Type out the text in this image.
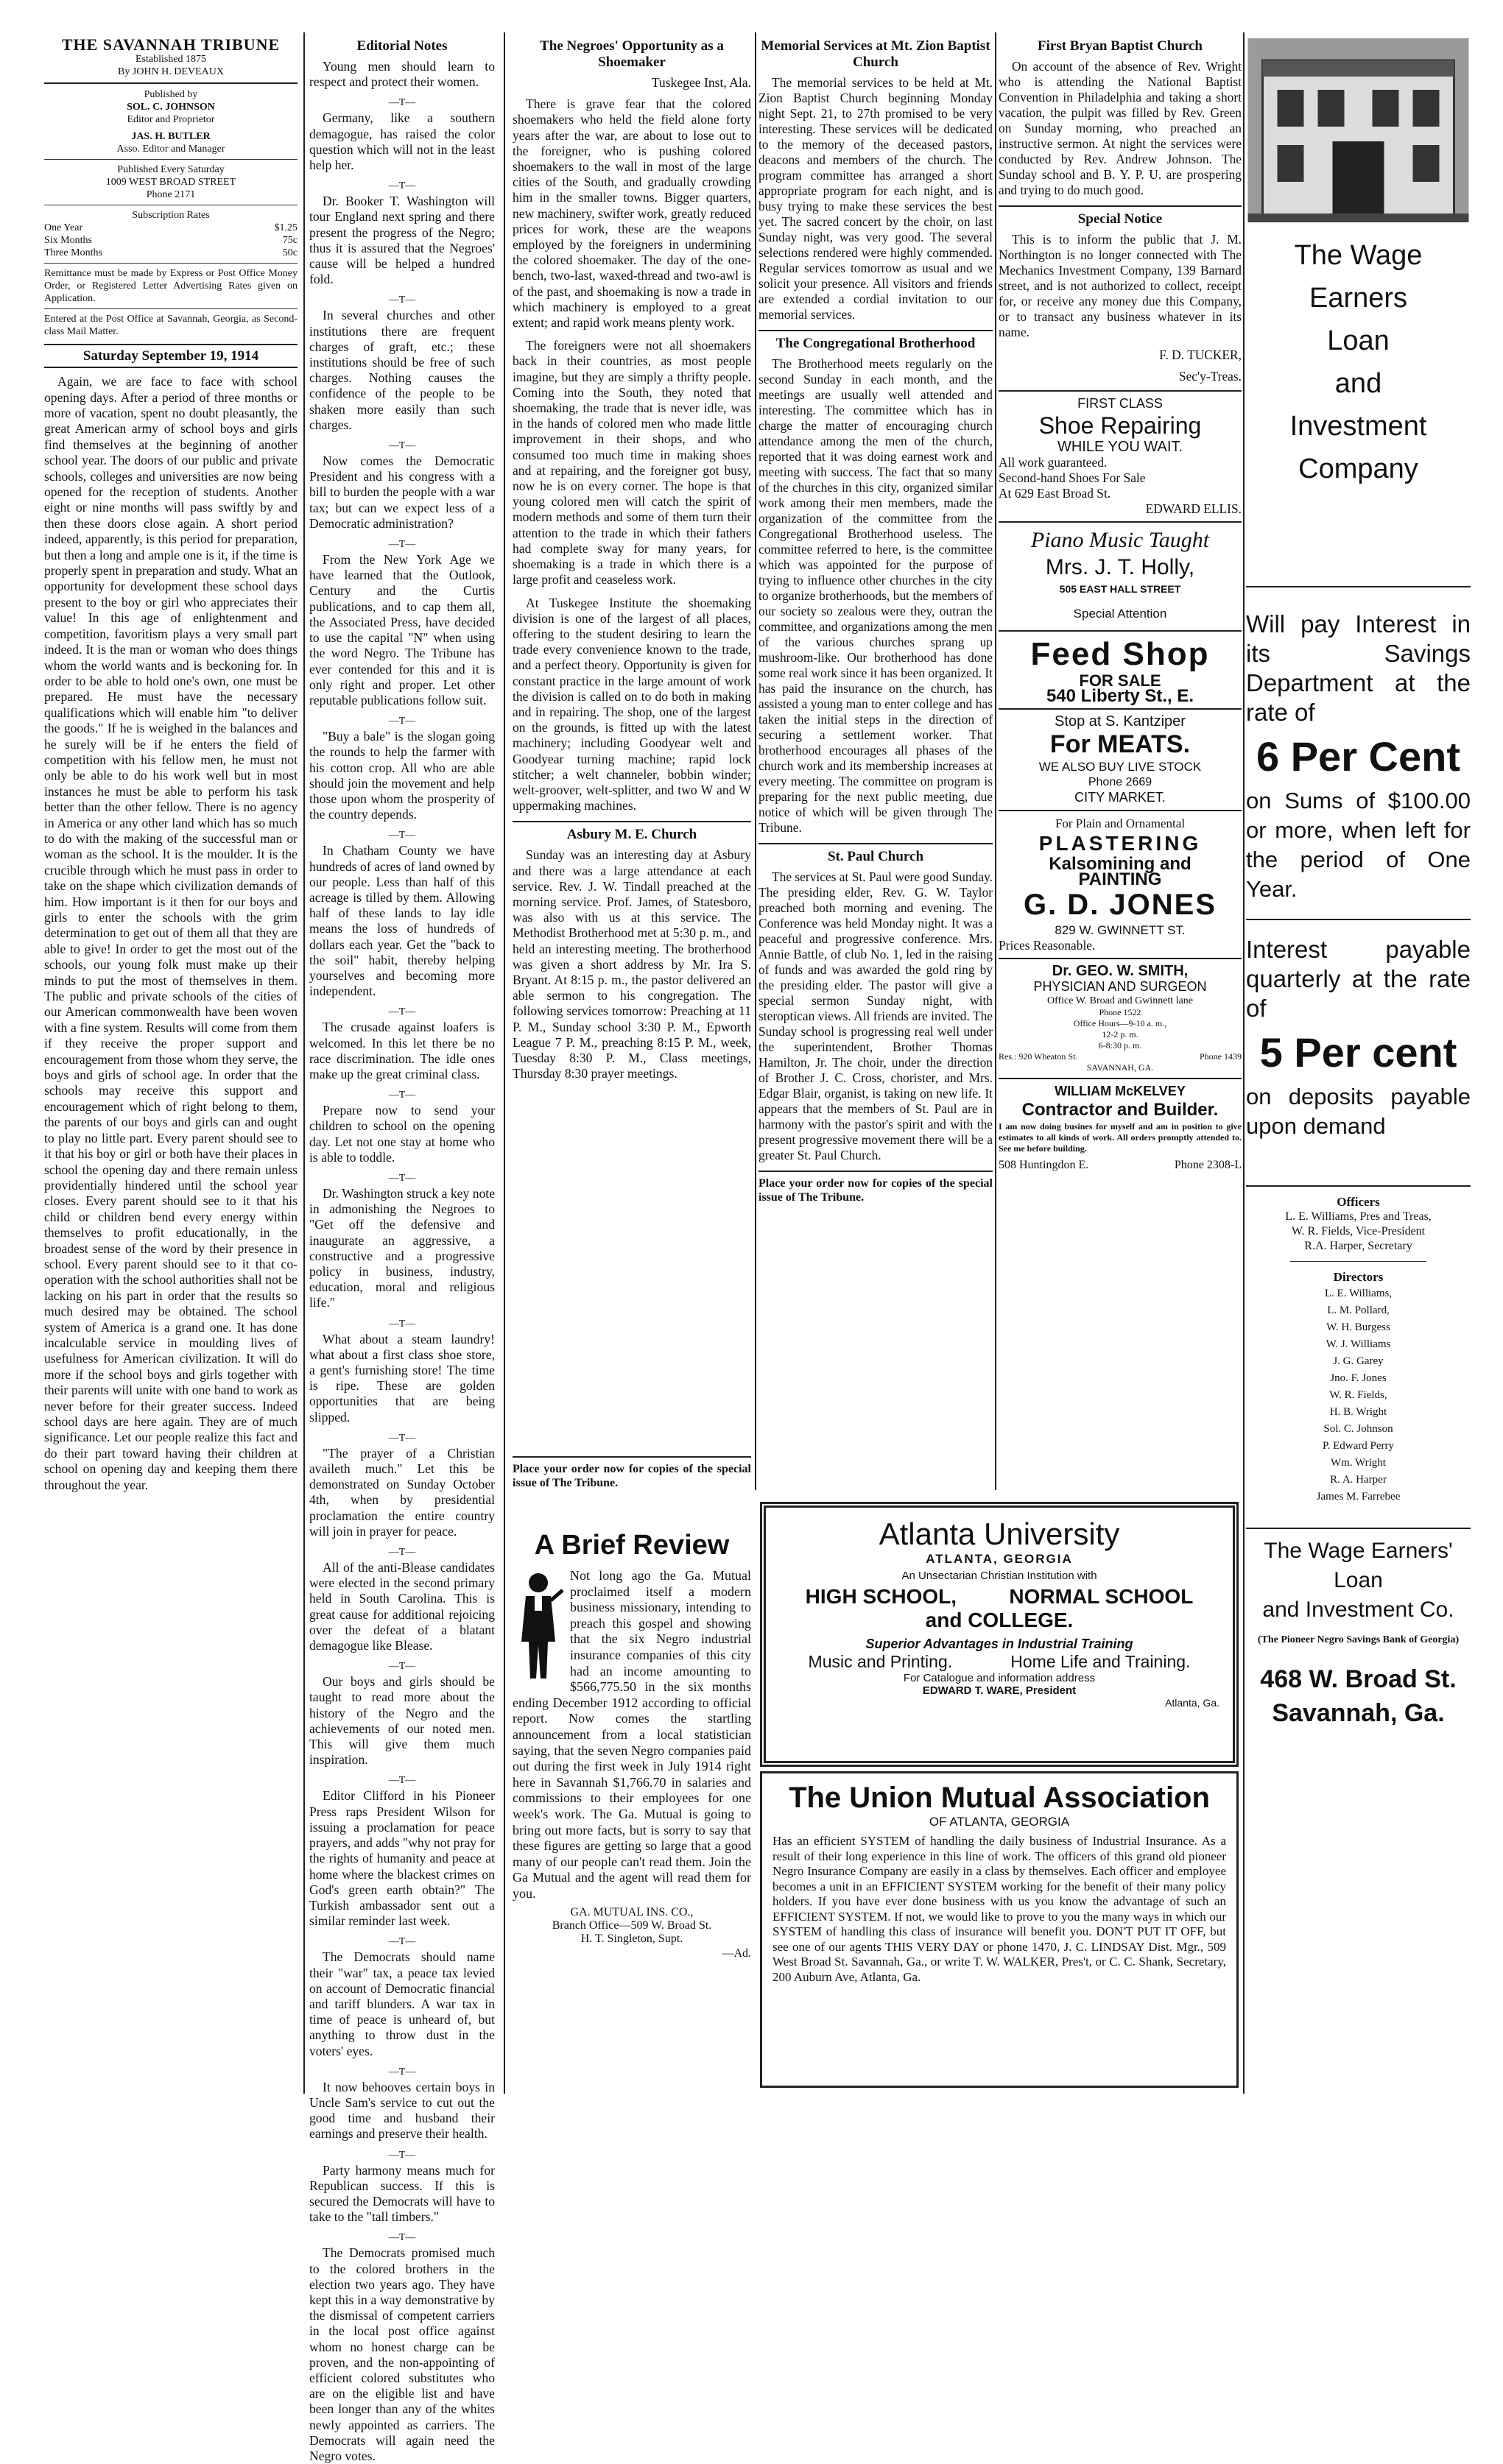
THE SAVANNAH TRIBUNE
Established 1875
By JOHN H. DEVEAUX
Published by
SOL. C. JOHNSON
Editor and Proprietor
JAS. H. BUTLER
Asso. Editor and Manager
Published Every Saturday
1009 WEST BROAD STREET
Phone 2171
Subscription Rates
One Year	$1.25
Six Months	75c
Three Months	50c
Remittance must be made by Express or Post Office Money Order, or Registered Letter Advertising Rates given on Application.
Entered at the Post Office at Savannah, Georgia, as Second-class Mail Matter.
Saturday September 19, 1914

Again, we are face to face with school opening days. After a period of three months or more of vacation, spent no doubt pleasantly, the great American army of school boys and girls find themselves at the beginning of another school year. The doors of our public and private schools, colleges and universities are now being opened for the reception of students. Another eight or nine months will pass swiftly by and then these doors close again. A short period indeed, apparently, is this period for preparation, but then a long and ample one is it, if the time is properly spent in preparation and study. What an opportunity for development these school days present to the boy or girl who appreciates their value! In this age of enlightenment and competition, favoritism plays a very small part indeed. It is the man or woman who does things whom the world wants and is beckoning for. In order to be able to hold one's own, one must be prepared. He must have the necessary qualifications which will enable him "to deliver the goods." If he is weighed in the balances and he surely will be if he enters the field of competition with his fellow men, he must not only be able to do his work well but in most instances he must be able to perform his task better than the other fellow. There is no agency in America or any other land which has so much to do with the making of the successful man or woman as the school. It is the moulder. It is the crucible through which he must pass in order to take on the shape which civilization demands of him. How important is it then for our boys and girls to enter the schools with the grim determination to get out of them all that they are able to give! In order to get the most out of the schools, our young folk must make up their minds to put the most of themselves in them. The public and private schools of the cities of our American commonwealth have been woven with a fine system. Results will come from them if they receive the proper support and encouragement from those whom they serve, the boys and girls of school age. In order that the schools may receive this support and encouragement which of right belong to them, the parents of our boys and girls can and ought to play no little part. Every parent should see to it that his boy or girl or both have their places in school the opening day and there remain unless providentially hindered until the school year closes. Every parent should see to it that his child or children bend every energy within themselves to profit educationally, in the broadest sense of the word by their presence in school. Every parent should see to it that co-operation with the school authorities shall not be lacking on his part in order that the results so much desired may be obtained. The school system of America is a grand one. It has done incalculable service in moulding lives of usefulness for American civilization. It will do more if the school boys and girls together with their parents will unite with one band to work as never before for their greater success. Indeed school days are here again. They are of much significance. Let our people realize this fact and do their part toward having their children at school on opening day and keeping them there throughout the year.

Editorial Notes

Young men should learn to respect and protect their women.

—T—

Germany, like a southern demagogue, has raised the color question which will not in the least help her.

—T—

Dr. Booker T. Washington will tour England next spring and there present the progress of the Negro; thus it is assured that the Negroes' cause will be helped a hundred fold.

—T—

In several churches and other institutions there are frequent charges of graft, etc.; these institutions should be free of such charges. Nothing causes the confidence of the people to be shaken more easily than such charges.

—T—

Now comes the Democratic President and his congress with a bill to burden the people with a war tax; but can we expect less of a Democratic administration?

—T—

From the New York Age we have learned that the Outlook, Century and the Curtis publications, and to cap them all, the Associated Press, have decided to use the capital "N" when using the word Negro. The Tribune has ever contended for this and it is only right and proper. Let other reputable publications follow suit.

—T—

"Buy a bale" is the slogan going the rounds to help the farmer with his cotton crop. All who are able should join the movement and help those upon whom the prosperity of the country depends.

—T—

In Chatham County we have hundreds of acres of land owned by our people. Less than half of this acreage is tilled by them. Allowing half of these lands to lay idle means the loss of hundreds of dollars each year. Get the "back to the soil" habit, thereby helping yourselves and becoming more independent.

—T—

The crusade against loafers is welcomed. In this let there be no race discrimination. The idle ones make up the great criminal class.

—T—

Prepare now to send your children to school on the opening day. Let not one stay at home who is able to toddle.

—T—

Dr. Washington struck a key note in admonishing the Negroes to "Get off the defensive and inaugurate an aggressive, a constructive and a progressive policy in business, industry, education, moral and religious life."

—T—

What about a steam laundry! what about a first class shoe store, a gent's furnishing store! The time is ripe. These are golden opportunities that are being slipped.

—T—

"The prayer of a Christian availeth much." Let this be demonstrated on Sunday October 4th, when by presidential proclamation the entire country will join in prayer for peace.

—T—

All of the anti-Blease candidates were elected in the second primary held in South Carolina. This is great cause for additional rejoicing over the defeat of a blatant demagogue like Blease.

—T—

Our boys and girls should be taught to read more about the history of the Negro and the achievements of our noted men. This will give them much inspiration.

—T—

Editor Clifford in his Pioneer Press raps President Wilson for issuing a proclamation for peace prayers, and adds "why not pray for the rights of humanity and peace at home where the blackest crimes on God's green earth obtain?" The Turkish ambassador sent out a similar reminder last week.

—T—

The Democrats should name their "war" tax, a peace tax levied on account of Democratic financial and tariff blunders. A war tax in time of peace is unheard of, but anything to throw dust in the voters' eyes.

—T—

It now behooves certain boys in Uncle Sam's service to cut out the good time and husband their earnings and preserve their health.

—T—

Party harmony means much for Republican success. If this is secured the Democrats will have to take to the "tall timbers."

—T—

The Democrats promised much to the colored brothers in the election two years ago. They have kept this in a way demonstrative by the dismissal of competent carriers in the local post office against whom no honest charge can be proven, and the non-appointing of efficient colored substitutes who are on the eligible list and have been longer than any of the whites newly appointed as carriers. The Democrats will again need the Negro votes.

The Negroes' Opportunity as a Shoemaker
Tuskegee Inst, Ala.

There is grave fear that the colored shoemakers who held the field alone forty years after the war, are about to lose out to the foreigner, who is pushing colored shoemakers to the wall in most of the large cities of the South, and gradually crowding him in the smaller towns. Bigger quarters, new machinery, swifter work, greatly reduced prices for work, these are the weapons employed by the foreigners in undermining the colored shoemaker. The day of the one-bench, two-last, waxed-thread and two-awl is of the past, and shoemaking is now a trade in which machinery is employed to a great extent; and rapid work means plenty work.

The foreigners were not all shoemakers back in their countries, as most people imagine, but they are simply a thrifty people. Coming into the South, they noted that shoemaking, the trade that is never idle, was in the hands of colored men who made little improvement in their shops, and who consumed too much time in making shoes and at repairing, and the foreigner got busy, now he is on every corner. The hope is that young colored men will catch the spirit of modern methods and some of them turn their attention to the trade in which their fathers had complete sway for many years, for shoemaking is a trade in which there is a large profit and ceaseless work.

At Tuskegee Institute the shoemaking division is one of the largest of all places, offering to the student desiring to learn the trade every convenience known to the trade, and a perfect theory. Opportunity is given for constant practice in the large amount of work the division is called on to do both in making and in repairing. The shop, one of the largest on the grounds, is fitted up with the latest machinery; including Goodyear welt and Goodyear turning machine; rapid lock stitcher; a welt channeler, bobbin winder; welt-groover, welt-splitter, and two W and W uppermaking machines.

Asbury M. E. Church

Sunday was an interesting day at Asbury and there was a large attendance at each service. Rev. J. W. Tindall preached at the morning service. Prof. James, of Statesboro, was also with us at this service. The Methodist Brotherhood met at 5:30 p. m., and held an interesting meeting. The brotherhood was given a short address by Mr. Ira S. Bryant. At 8:15 p. m., the pastor delivered an able sermon to his congregation. The following services tomorrow: Preaching at 11 P. M., Sunday school 3:30 P. M., Epworth League 7 P. M., preaching 8:15 P. M., week, Tuesday 8:30 P. M., Class meetings, Thursday 8:30 prayer meetings.

Place your order now for copies of the special issue of The Tribune.
A Brief Review
Not long ago the Ga. Mutual proclaimed itself a modern business missionary, intending to preach this gospel and showing that the six Negro industrial insurance companies of this city had an income amounting to $566,775.50 in the six months ending December 1912 according to official report. Now comes the startling announcement from a local statistician saying, that the seven Negro companies paid out during the first week in July 1914 right here in Savannah $1,766.70 in salaries and commissions to their employees for one week's work. The Ga. Mutual is going to bring out more facts, but is sorry to say that these figures are getting so large that a good many of our people can't read them. Join the Ga Mutual and the agent will read them for you.
GA. MUTUAL INS. CO.,
Branch Office—509 W. Broad St.
H. T. Singleton, Supt.
—Ad.
Memorial Services at Mt. Zion Baptist Church

The memorial services to be held at Mt. Zion Baptist Church beginning Monday night Sept. 21, to 27th promised to be very interesting. These services will be dedicated to the memory of the deceased pastors, deacons and members of the church. The program committee has arranged a short appropriate program for each night, and is busy trying to make these services the best yet. The sacred concert by the choir, on last Sunday night, was very good. The several selections rendered were highly commended. Regular services tomorrow as usual and we solicit your presence. All visitors and friends are extended a cordial invitation to our memorial services.

The Congregational Brotherhood

The Brotherhood meets regularly on the second Sunday in each month, and the meetings are usually well attended and interesting. The committee which has in charge the matter of encouraging church attendance among the men of the church, reported that it was doing earnest work and meeting with success. The fact that so many of the churches in this city, organized similar work among their men members, made the organization of the committee from the Congregational Brotherhood useless. The committee referred to here, is the committee which was appointed for the purpose of trying to influence other churches in the city to organize brotherhoods, but the members of our society so zealous were they, outran the committee, and organizations among the men of the various churches sprang up mushroom-like. Our brotherhood has done some real work since it has been organized. It has paid the insurance on the church, has assisted a young man to enter college and has taken the initial steps in the direction of securing a settlement worker. That brotherhood encourages all phases of the church work and its membership increases at every meeting. The committee on program is preparing for the next public meeting, due notice of which will be given through The Tribune.

St. Paul Church

The services at St. Paul were good Sunday. The presiding elder, Rev. G. W. Taylor preached both morning and evening. The Conference was held Monday night. It was a peaceful and progressive conference. Mrs. Annie Battle, of club No. 1, led in the raising of funds and was awarded the gold ring by the presiding elder. The pastor will give a special sermon Sunday night, with steroptican views. All friends are invited. The Sunday school is progressing real well under the superintendent, Brother Thomas Hamilton, Jr. The choir, under the direction of Brother J. C. Cross, chorister, and Mrs. Edgar Blair, organist, is taking on new life. It appears that the members of St. Paul are in harmony with the pastor's spirit and with the present progressive movement there will be a greater St. Paul Church.

Place your order now for copies of the special issue of The Tribune.
First Bryan Baptist Church

On account of the absence of Rev. Wright who is attending the National Baptist Convention in Philadelphia and taking a short vacation, the pulpit was filled by Rev. Green on Sunday morning, who preached an instructive sermon. At night the services were conducted by Rev. Andrew Johnson. The Sunday school and B. Y. P. U. are prospering and trying to do much good.

Special Notice

This is to inform the public that J. M. Northington is no longer connected with The Mechanics Investment Company, 139 Barnard street, and is not authorized to collect, receipt for, or receive any money due this Company, or to transact any business whatever in its name.

F. D. TUCKER,
Sec'y-Treas.
FIRST CLASS
Shoe Repairing
WHILE YOU WAIT.
All work guaranteed.
Second-hand Shoes For Sale
At 629 East Broad St.
EDWARD ELLIS.
Piano Music Taught
Mrs. J. T. Holly,
505 EAST HALL STREET
Special Attention
Feed Shop
FOR SALE
540 Liberty St., E.
Stop at S. Kantziper
For MEATS.
WE ALSO BUY LIVE STOCK
Phone 2669
CITY MARKET.
For Plain and Ornamental
PLASTERING
Kalsomining and
PAINTING
G. D. JONES
829 W. GWINNETT ST.
Prices Reasonable.
Dr. GEO. W. SMITH,
PHYSICIAN AND SURGEON
Office W. Broad and Gwinnett lane
Phone 1522
Office Hours—9-10 a. m.,
12-2 p. m.
6-8:30 p. m.
Res.: 920 Wheaton St.	Phone 1439
SAVANNAH, GA.
WILLIAM McKELVEY
Contractor and Builder.
I am now doing busines for myself and am in position to give estimates to all kinds of work. All orders promptly attended to. See me before building.
508 Huntingdon E.	Phone 2308-L
Atlanta University
ATLANTA, GEORGIA
An Unsectarian Christian Institution with
HIGH SCHOOL,	NORMAL SCHOOL
and COLLEGE.
Superior Advantages in Industrial Training
Music and Printing.	Home Life and Training.
For Catalogue and information address
EDWARD T. WARE, President
Atlanta, Ga.
The Union Mutual Association
OF ATLANTA, GEORGIA
Has an efficient SYSTEM of handling the daily business of Industrial Insurance. As a result of their long experience in this line of work. The officers of this grand old pioneer Negro Insurance Company are easily in a class by themselves. Each officer and employee becomes a unit in an EFFICIENT SYSTEM working for the benefit of their many policy holders. If you have ever done business with us you know the advantage of such an EFFICIENT SYSTEM. If not, we would like to prove to you the many ways in which our SYSTEM of handling this class of insurance will benefit you. DON'T PUT IT OFF, but see one of our agents THIS VERY DAY or phone 1470, J. C. LINDSAY Dist. Mgr., 509 West Broad St. Savannah, Ga., or write T. W. WALKER, Pres't, or C. C. Shank, Secretary, 200 Auburn Ave, Atlanta, Ga.
The Wage
Earners
Loan
and
Investment
Company
Will pay Interest in its Savings Department at the rate of
6 Per Cent
on Sums of $100.00 or more, when left for the period of One Year.
Interest payable quarterly at the rate of
5 Per cent
on deposits payable upon demand
Officers
L. E. Williams, Pres and Treas,
W. R. Fields, Vice-President
R.A. Harper, Secretary
Directors
L. E. Williams,
L. M. Pollard,
W. H. Burgess
W. J. Williams
J. G. Garey
Jno. F. Jones
W. R. Fields,
H. B. Wright
Sol. C. Johnson
P. Edward Perry
Wm. Wright
R. A. Harper
James M. Farrebee
The Wage Earners' Loan
and Investment Co.
(The Pioneer Negro Savings Bank of Georgia)
468 W. Broad St.
Savannah, Ga.
